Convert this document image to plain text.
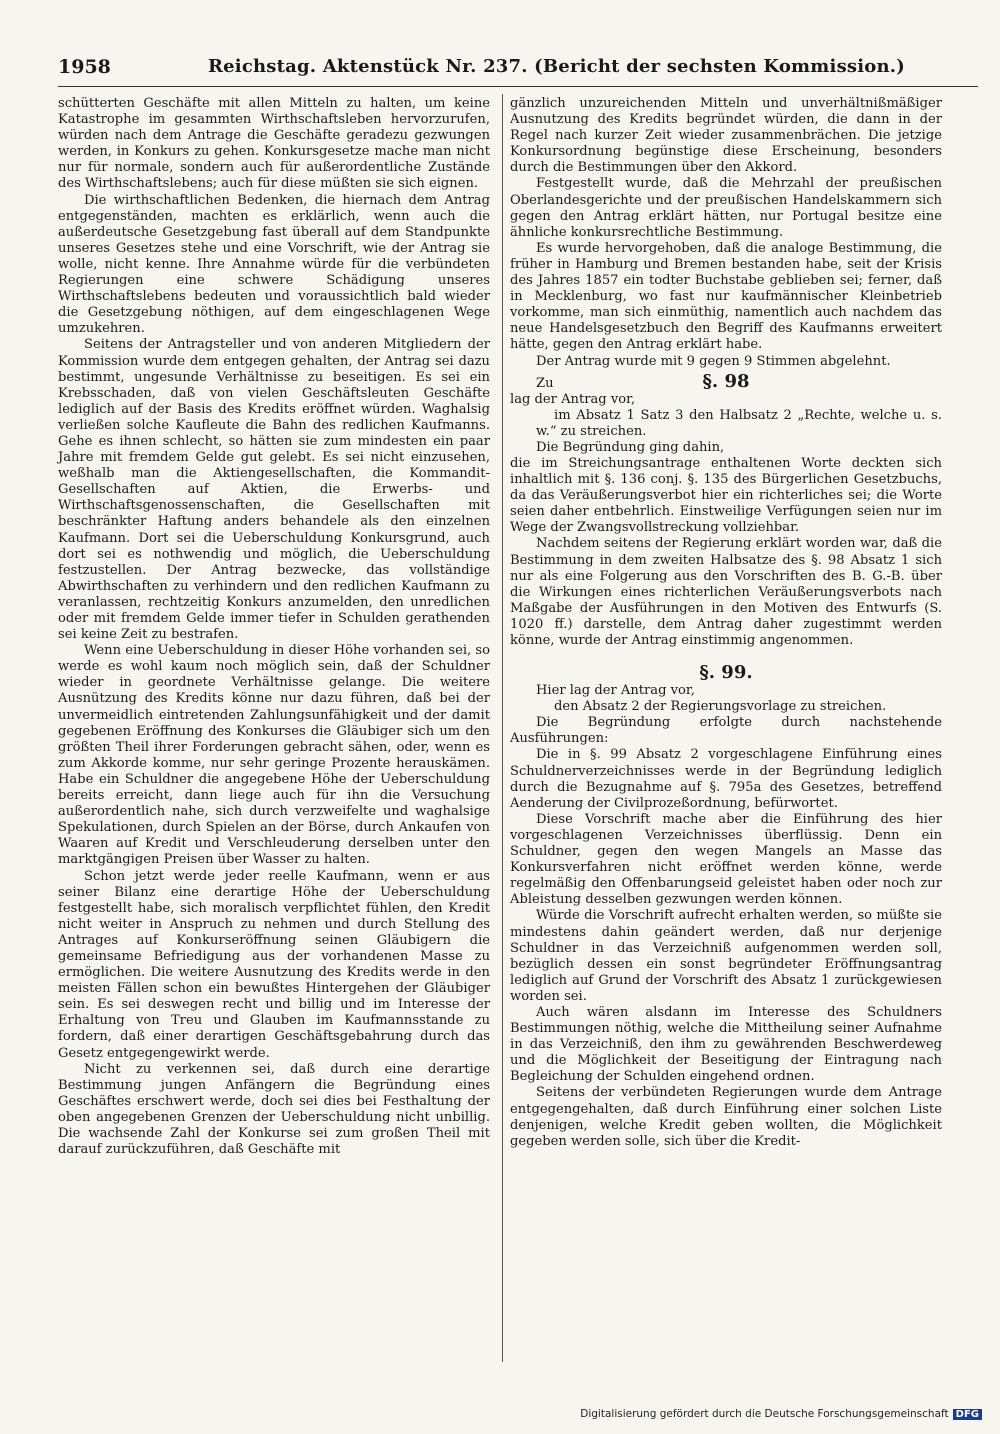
1958	Reichstag. Aktenstück Nr. 237. (Bericht der sechsten Kommission.)

schütterten Geschäfte mit allen Mitteln zu halten, um keine Katastrophe im gesammten Wirthschaftsleben hervorzurufen, würden nach dem Antrage die Geschäfte geradezu gezwungen werden, in Konkurs zu gehen. Konkursgesetze mache man nicht nur für normale, sondern auch für außerordentliche Zustände des Wirthschaftslebens; auch für diese müßten sie sich eignen.

Die wirthschaftlichen Bedenken, die hiernach dem Antrag entgegenständen, machten es erklärlich, wenn auch die außerdeutsche Gesetzgebung fast überall auf dem Standpunkte unseres Gesetzes stehe und eine Vorschrift, wie der Antrag sie wolle, nicht kenne. Ihre Annahme würde für die verbündeten Regierungen eine schwere Schädigung unseres Wirthschaftslebens bedeuten und voraussichtlich bald wieder die Gesetzgebung nöthigen, auf dem eingeschlagenen Wege umzukehren.

Seitens der Antragsteller und von anderen Mitgliedern der Kommission wurde dem entgegen gehalten, der Antrag sei dazu bestimmt, ungesunde Verhältnisse zu beseitigen. Es sei ein Krebsschaden, daß von vielen Geschäftsleuten Geschäfte lediglich auf der Basis des Kredits eröffnet würden. Waghalsig verließen solche Kaufleute die Bahn des redlichen Kaufmanns. Gehe es ihnen schlecht, so hätten sie zum mindesten ein paar Jahre mit fremdem Gelde gut gelebt. Es sei nicht einzusehen, weßhalb man die Aktiengesellschaften, die Kommandit-Gesellschaften auf Aktien, die Erwerbs- und Wirthschaftsgenossenschaften, die Gesellschaften mit beschränkter Haftung anders behandele als den einzelnen Kaufmann. Dort sei die Ueberschuldung Konkursgrund, auch dort sei es nothwendig und möglich, die Ueberschuldung festzustellen. Der Antrag bezwecke, das vollständige Abwirthschaften zu verhindern und den redlichen Kaufmann zu veranlassen, rechtzeitig Konkurs anzumelden, den unredlichen oder mit fremdem Gelde immer tiefer in Schulden gerathenden sei keine Zeit zu bestrafen.

Wenn eine Ueberschuldung in dieser Höhe vorhanden sei, so werde es wohl kaum noch möglich sein, daß der Schuldner wieder in geordnete Verhältnisse gelange. Die weitere Ausnützung des Kredits könne nur dazu führen, daß bei der unvermeidlich eintretenden Zahlungsunfähigkeit und der damit gegebenen Eröffnung des Konkurses die Gläubiger sich um den größten Theil ihrer Forderungen gebracht sähen, oder, wenn es zum Akkorde komme, nur sehr geringe Prozente herauskämen. Habe ein Schuldner die angegebene Höhe der Ueberschuldung bereits erreicht, dann liege auch für ihn die Versuchung außerordentlich nahe, sich durch verzweifelte und waghalsige Spekulationen, durch Spielen an der Börse, durch Ankaufen von Waaren auf Kredit und Verschleuderung derselben unter den marktgängigen Preisen über Wasser zu halten.

Schon jetzt werde jeder reelle Kaufmann, wenn er aus seiner Bilanz eine derartige Höhe der Ueberschuldung festgestellt habe, sich moralisch verpflichtet fühlen, den Kredit nicht weiter in Anspruch zu nehmen und durch Stellung des Antrages auf Konkurseröffnung seinen Gläubigern die gemeinsame Befriedigung aus der vorhandenen Masse zu ermöglichen. Die weitere Ausnutzung des Kredits werde in den meisten Fällen schon ein bewußtes Hintergehen der Gläubiger sein. Es sei deswegen recht und billig und im Interesse der Erhaltung von Treu und Glauben im Kaufmannsstande zu fordern, daß einer derartigen Geschäftsgebahrung durch das Gesetz entgegengewirkt werde.

Nicht zu verkennen sei, daß durch eine derartige Bestimmung jungen Anfängern die Begründung eines Geschäftes erschwert werde, doch sei dies bei Festhaltung der oben angegebenen Grenzen der Ueberschuldung nicht unbillig. Die wachsende Zahl der Konkurse sei zum großen Theil mit darauf zurückzuführen, daß Geschäfte mit

gänzlich unzureichenden Mitteln und unverhältnißmäßiger Ausnutzung des Kredits begründet würden, die dann in der Regel nach kurzer Zeit wieder zusammenbrächen. Die jetzige Konkursordnung begünstige diese Erscheinung, besonders durch die Bestimmungen über den Akkord.

Festgestellt wurde, daß die Mehrzahl der preußischen Oberlandesgerichte und der preußischen Handelskammern sich gegen den Antrag erklärt hätten, nur Portugal besitze eine ähnliche konkursrechtliche Bestimmung.

Es wurde hervorgehoben, daß die analoge Bestimmung, die früher in Hamburg und Bremen bestanden habe, seit der Krisis des Jahres 1857 ein todter Buchstabe geblieben sei; ferner, daß in Mecklenburg, wo fast nur kaufmännischer Kleinbetrieb vorkomme, man sich einmüthig, namentlich auch nachdem das neue Handelsgesetzbuch den Begriff des Kaufmanns erweitert hätte, gegen den Antrag erklärt habe.

Der Antrag wurde mit 9 gegen 9 Stimmen abgelehnt.

Zu	§. 98

lag der Antrag vor,

im Absatz 1 Satz 3 den Halbsatz 2 „Rechte, welche u. s. w.“ zu streichen.

Die Begründung ging dahin,

die im Streichungsantrage enthaltenen Worte deckten sich inhaltlich mit §. 136 conj. §. 135 des Bürgerlichen Gesetzbuchs, da das Veräußerungsverbot hier ein richterliches sei; die Worte seien daher entbehrlich. Einstweilige Verfügungen seien nur im Wege der Zwangsvollstreckung vollziehbar.

Nachdem seitens der Regierung erklärt worden war, daß die Bestimmung in dem zweiten Halbsatze des §. 98 Absatz 1 sich nur als eine Folgerung aus den Vorschriften des B. G.-B. über die Wirkungen eines richterlichen Veräußerungsverbots nach Maßgabe der Ausführungen in den Motiven des Entwurfs (S. 1020 ff.) darstelle, dem Antrag daher zugestimmt werden könne, wurde der Antrag einstimmig angenommen.

§. 99.

Hier lag der Antrag vor,

den Absatz 2 der Regierungsvorlage zu streichen.

Die Begründung erfolgte durch nachstehende Ausführungen:

Die in §. 99 Absatz 2 vorgeschlagene Einführung eines Schuldnerverzeichnisses werde in der Begründung lediglich durch die Bezugnahme auf §. 795a des Gesetzes, betreffend Aenderung der Civilprozeßordnung, befürwortet.

Diese Vorschrift mache aber die Einführung des hier vorgeschlagenen Verzeichnisses überflüssig. Denn ein Schuldner, gegen den wegen Mangels an Masse das Konkursverfahren nicht eröffnet werden könne, werde regelmäßig den Offenbarungseid geleistet haben oder noch zur Ableistung desselben gezwungen werden können.

Würde die Vorschrift aufrecht erhalten werden, so müßte sie mindestens dahin geändert werden, daß nur derjenige Schuldner in das Verzeichniß aufgenommen werden soll, bezüglich dessen ein sonst begründeter Eröffnungsantrag lediglich auf Grund der Vorschrift des Absatz 1 zurückgewiesen worden sei.

Auch wären alsdann im Interesse des Schuldners Bestimmungen nöthig, welche die Mittheilung seiner Aufnahme in das Verzeichniß, den ihm zu gewährenden Beschwerdeweg und die Möglichkeit der Beseitigung der Eintragung nach Begleichung der Schulden eingehend ordnen.

Seitens der verbündeten Regierungen wurde dem Antrage entgegengehalten, daß durch Einführung einer solchen Liste denjenigen, welche Kredit geben wollten, die Möglichkeit gegeben werden solle, sich über die Kredit-

Digitalisierung gefördert durch die Deutsche Forschungsgemeinschaft DFG
